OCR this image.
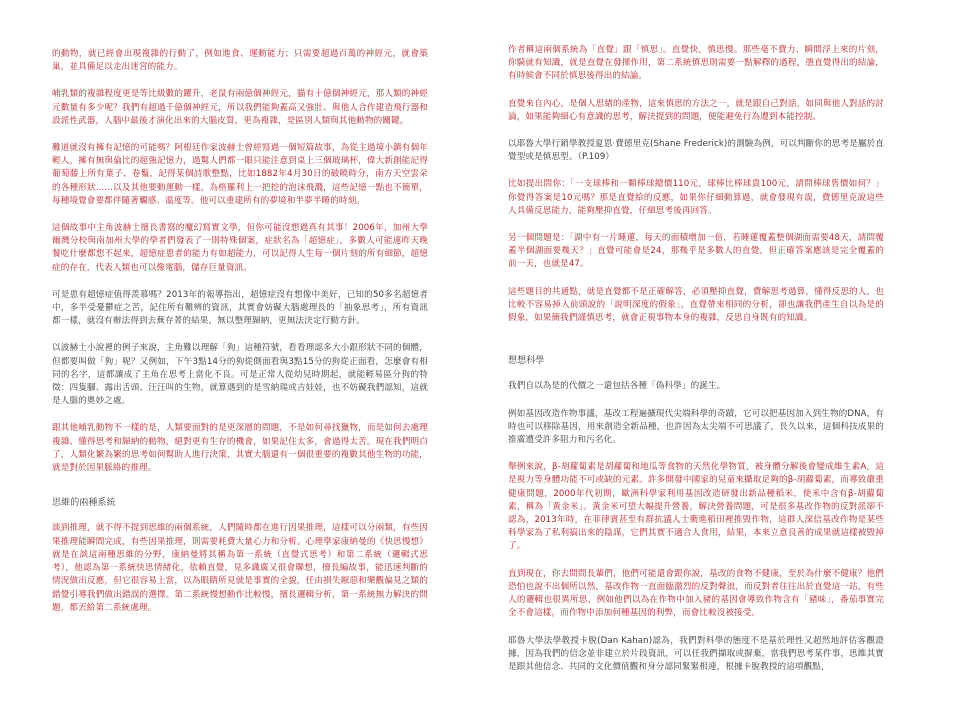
的動物，就已經會出現複雜的行動了，例如進食、運動能力；只需要超過百萬的神經元，就會築巢，並具備足以走出迷宮的能力。

哺乳類的複雜程度更是等比級數的躍升，老鼠有兩億個神經元，貓有十億個神經元，那人類的神經元數量有多少呢？我們有超過千億個神經元，所以我們能夠蓋高又強壯、與他人合作建造飛行器和設派性武器，人腦中最後才演化出來的大腦皮質，更為複雜，是區別人類與其他動物的關鍵。

難道就沒有擁有記憶的可能嗎？阿根廷作家波赫士曾經寫過一個短篇故事，為從主過境小鎮有個年輕人，擁有無與倫比的超強記憶力，過驚人們都一眼只能注意到桌上三個玻璃杯，偉大新創能記得葡萄藤上所有葉子、卷鬚，記得某個詩歌整點，比如1882年4月30日的破曉時分，南方天空雲朵的各種形狀……以及其他要動運動一樣，為格羅利上一把挖的泡沫飛濺，這些記憶一點也不簡單，每種境覺會要都伴隨著觸感、溫度等。他可以重建所有的夢境和半夢半睡的時刻。

這個故事中主角波赫士擅長書寫的魔幻寫實文學，但你可能沒想過真有其事！2006年，加州大學爾灣分校與南加州大學的學者們發表了一則特殊個案，症狀名為「超憶症」，多數人可能連昨天晚餐吃什麼都想不起來，超憶症患者的能力有如超能力，可以記得人生每一個片刻的所有細節，超憶症的存在，代表人類也可以像電腦，儲存巨量資訊。

可是患有超憶症值得羨慕嗎？2013年的報導指出，超憶症沒有想像中美好，已知的50多名超憶者中，多半受憂鬱症之苦，記住所有難辨的資訊，其實會妨礙大腦處理長的「抽象思考」，所有資訊都一樣，就沒有辦法得到去蕪存菁的結果，無以整理歸納，更無法決定行動方針。

以波赫士小說裡的例子來說，主角難以理解「狗」這種符號，看看理認多大小跟形狀不同的個體，但都要叫做「狗」呢？又例如，下午3點14分的狗從側面看與3點15分的狗從正面看，怎麼會有相同的名字，這都讓成了主角在思考上當化不良。可是正常人從幼兒時期起，就能輕易區分狗的特徵：四隻腳、露出舌頭、汪汪叫的生物，就算遇到的是雪納瑞或吉娃娃，也不妨礙我們認知，這就是人腦的奧妙之處。

跟其他哺乳動物不一樣的是，人類要面對的是更深層的問題，不是如何尋找獵物，而是如何去處理複雜、懂得思考和歸納的動物，絕對更有生存的機會，如果記住太多，會過得太苦。現在我們明白了，人類化繁為繁的思考如何幫助人進行決策，其實大腦還有一個很重要的複數其他生物的功能，就是對於因果脈絡的推理。

思維的兩種系統

談到推理，就不得不提到思維的兩個系統，人們隨時都在進行因果推理，這樣可以分兩類，有些因果推理能瞬間完成，有些因果推理，則需要耗費大量心力和分析。心理學家康納曼的《快思慢想》就是在談這兩種思維的分野，康納曼將其稱為第一系統（直覺式思考）和第二系統（邏輯式思考），他認為第一系統快思情緒化，依賴直覺，見多識廣又很會聯想，擅長編故事，能迅速判斷的情況做出反應，但它很容易上當，以為眼睛所見就是事實的全貌，任由損失厭惡和樂觀偏見之類的錯覺引導我們做出錯誤的選擇。第二系統慢想動作比較慢，擅長邏輯分析，第一系統無力解決的問題，都丟給第二系統處理。

作者稱這兩個系統為「直覺」跟「慎思」。直覺快，慎思慢。那些毫不費力、瞬間浮上來的片刻，你騎就有知識，就是直覺在發揮作用，第二系統慎思則需要一點解釋的過程，憑直覺得出的結論，有時候會不同於慎思後得出的結論。

直覺來自內心，是個人思緒的產物，這來慎思的方法之一，就是跟自己對話，如同與他人對話的討論，如果能夠細心有意識的思考，解決提到的問題，便能避免行為遭到本能控制。

以耶魯大學行銷學教授夏恩·費德里克(Shane Frederick)的測驗為例，可以判斷你的思考是屬於直覺型或是慎思型。（P.109）

比如提出問你：「一支球棒和一顆棒球總價110元，球棒比棒球貴100元，請問棒球售價如何？」你覺得答案是10元嗎？那是直覺給的反應，如果你仔細動算過，就會發現有誤，費德里克說這些人具備反思能力，能夠壓抑直覺，仔細思考後再回答。

另一個問題是：「湖中有一片睡蓮，每天的面積增加一倍，若睡蓮覆蓋整個湖面需要48天，請問覆蓋半個湖面要幾天？」直覺可能會是24，那幾乎是多數人的直覺，但正確答案應該是完全覆蓋的前一天，也就是47。

這些題目的共通點，就是直覺都不是正確解答，必須壓抑直覺，費解思考過算，懂得反思的人，也比較不容易掉入前頭說的「說明深度的假象」，直覺帶來相同的分析，卻也讓我們產生自以為是的假象，如果簡我們謹慎思考，就會正視事物本身的複雜，反思自身既有的知識。

想想科學

我們自以為是的代價之一還包括各種「偽科學」的誕生。

例如基因改造作物事議，基改工程遍擴現代尖端科學的奇蹟，它可以把基因加入到生物的DNA，有時也可以移除基因，用來創造全新品種，也許因為太尖端不可思議了，長久以來，這個科技成果的推廣遭受許多阻力和污名化。

舉例來說，β-胡蘿蔔素是胡蘿蔔和地瓜等食物的天然化學物質，被身體分解後會變成維生素A，這是視力等身體功能不可或缺的元素。許多開發中國家的兒童來攝取足夠的β-胡蘿蔔素，而導致嚴重健康問題，2000年代初期，歐洲科學家利用基因改造研發出新品種稻米，使米中含有β-胡蘿蔔素，稱為「黃金米」。黃金米可望大幅提升營養，解決營養問題，可是很多基改作物的反對派卻不認為，2013年時，在菲律賓甚至有群抗議人士衝進稻田裡推毀作物，這群人深信基改作物是某些科學家為了私利搞出來的陰謀，它們其實不適合人食用，結果，本來立意良善的成果就這樣被毀掉了。

直到現在，你去問問長輩們，他們可能還會跟你說，基改的食物不健康，至於為什麼不健康？他們恐怕也說不出個所以然，基改作物一直面臨激烈的反對聲浪，而反對者往往出於直覺這一站，有些人的邏輯也很異所思，例如他們以為在作物中加入豬的基因會導致作物含有「豬味」，番茄事實完全不會這樣，而作物中添加何種基因的利弊，而會比較沒被接受。

耶魯大學法學教授卡脫(Dan Kahan)認為，我們對科學的態度不是基於理性又超然地評估客觀證據，因為我們的信念並非建立於片段資訊，可以任我們擷取或摒棄，當我們思考某件事，思維其實是跟其他信念、共同的文化價值觀和身分認同緊緊相連，根據卡脫教授的這項觀點，
